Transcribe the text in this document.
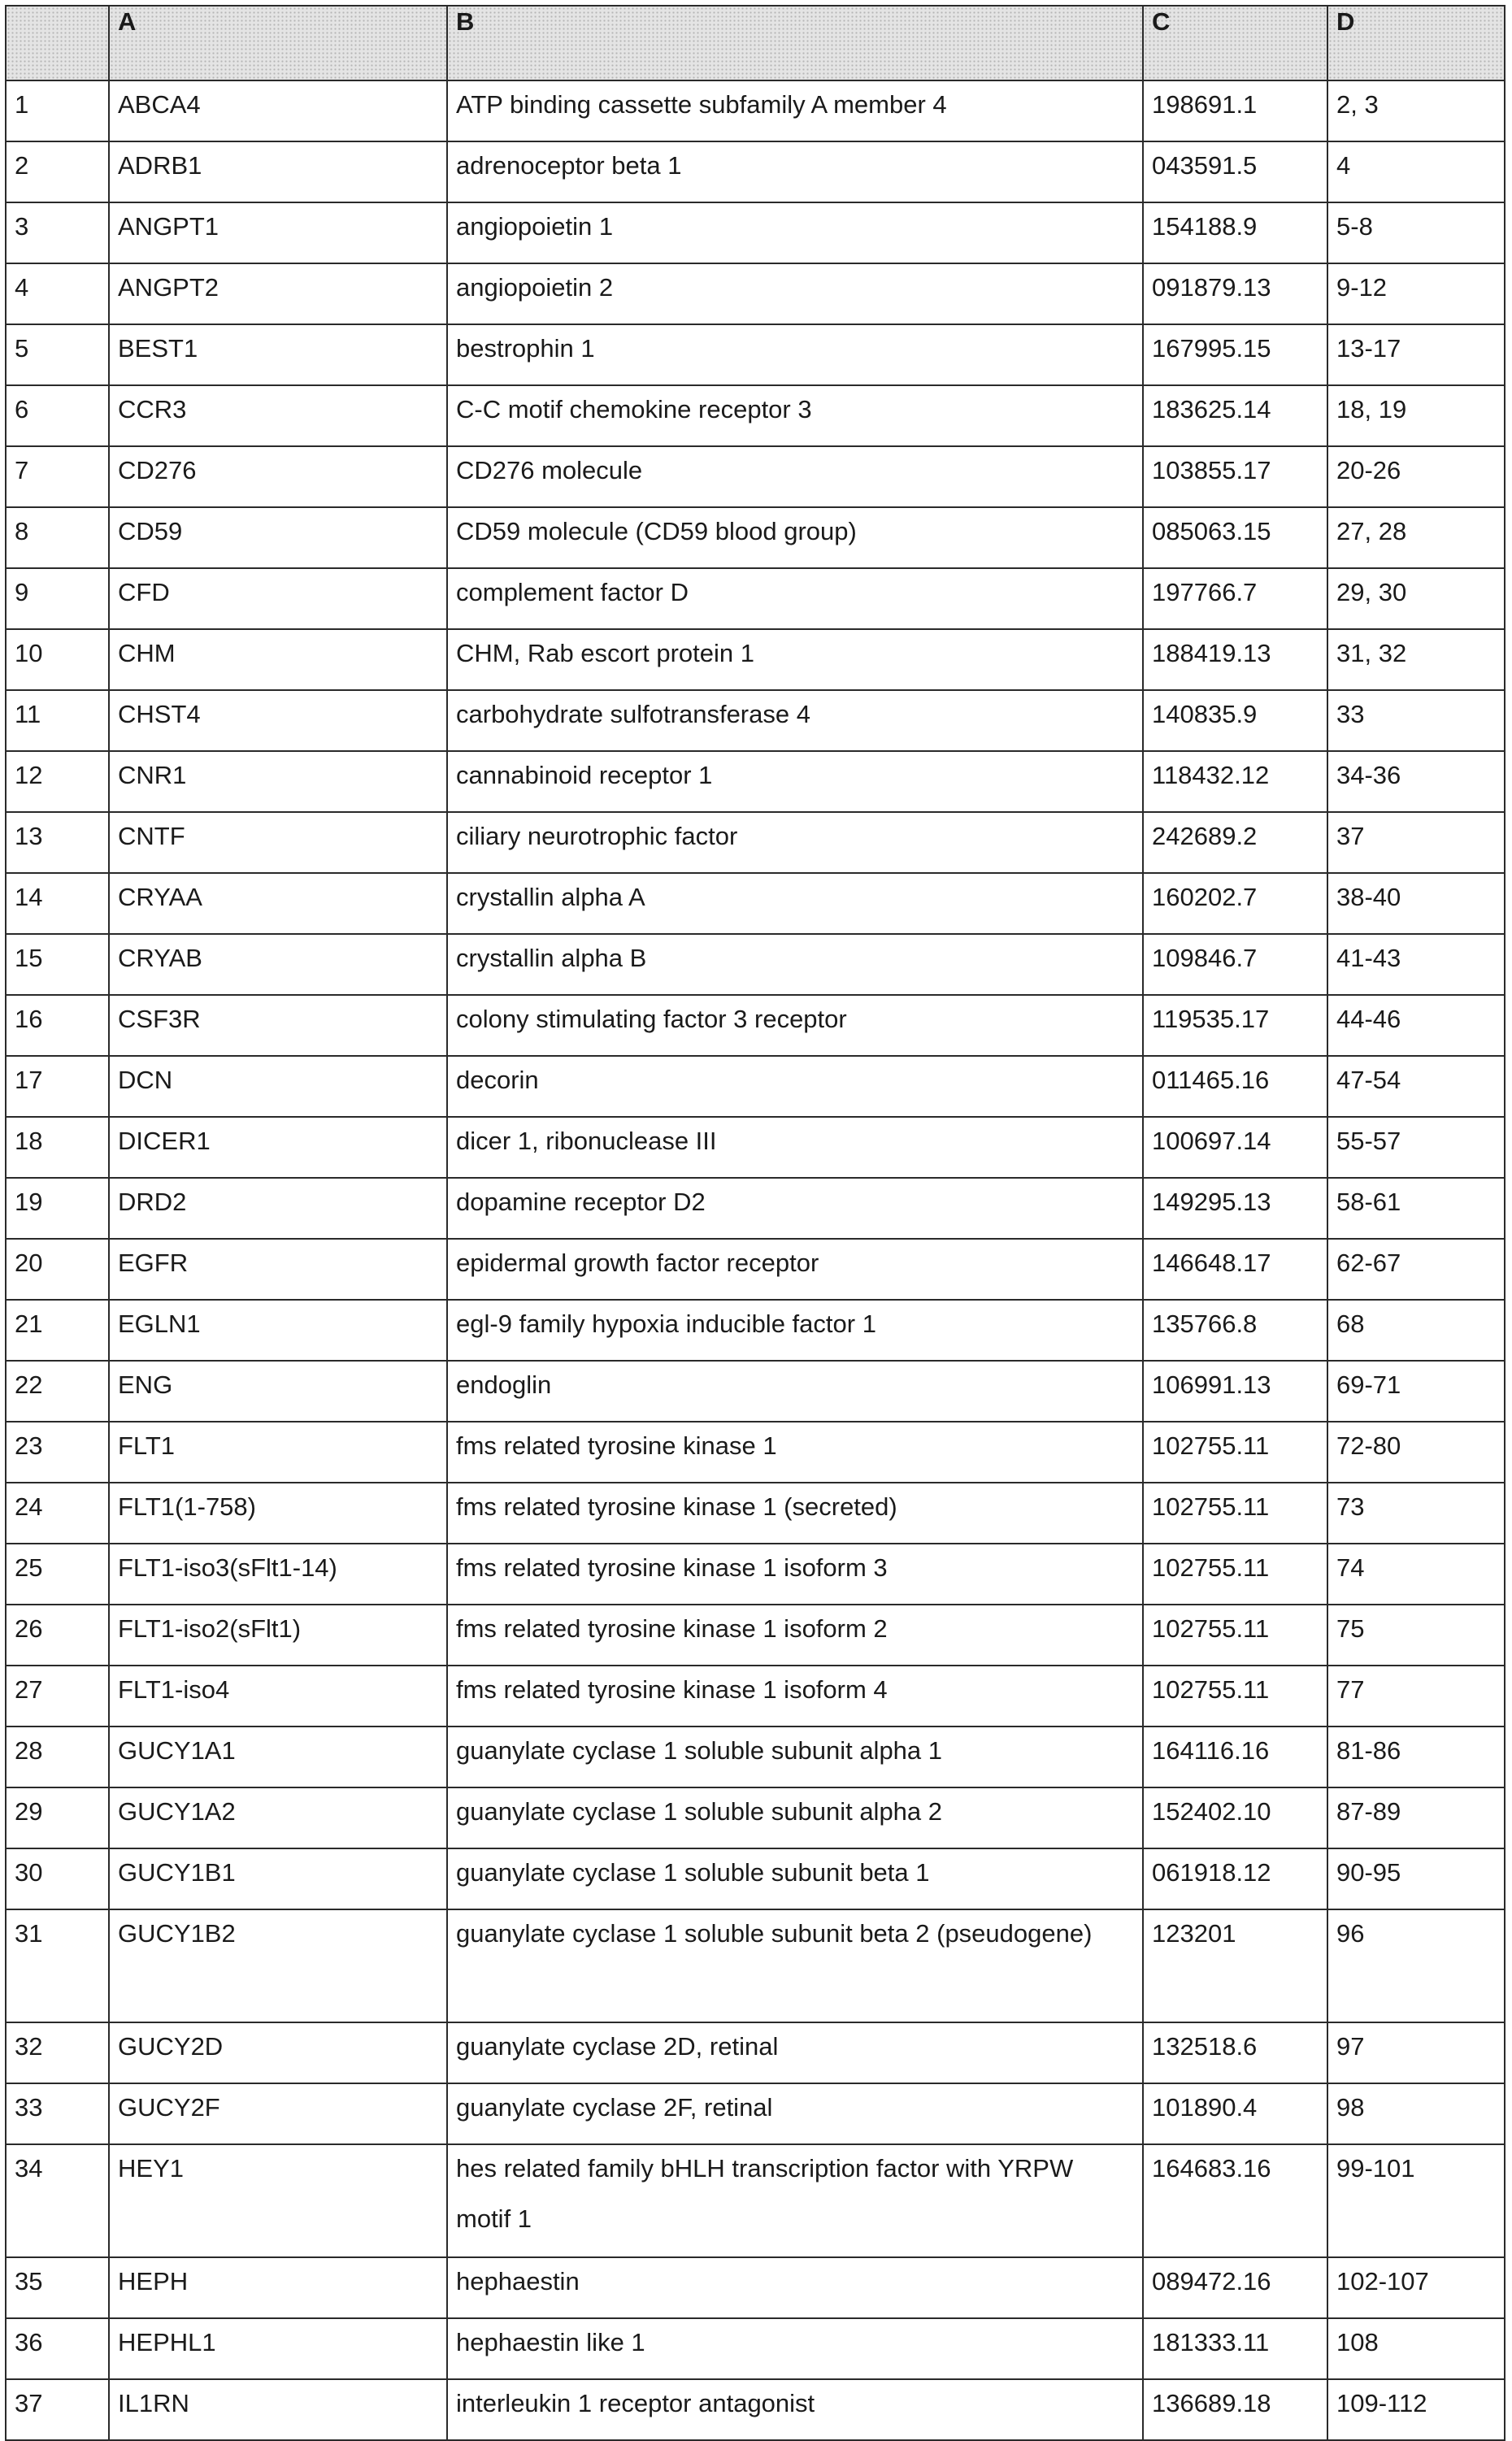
	A	B	C	D

1	ABCA4	ATP binding cassette subfamily A member 4	198691.1	2, 3

2	ADRB1	adrenoceptor beta 1	043591.5	4

3	ANGPT1	angiopoietin 1	154188.9	5-8

4	ANGPT2	angiopoietin 2	091879.13	9-12

5	BEST1	bestrophin 1	167995.15	13-17

6	CCR3	C-C motif chemokine receptor 3	183625.14	18, 19

7	CD276	CD276 molecule	103855.17	20-26

8	CD59	CD59 molecule (CD59 blood group)	085063.15	27, 28

9	CFD	complement factor D	197766.7	29, 30

10	CHM	CHM, Rab escort protein 1	188419.13	31, 32

11	CHST4	carbohydrate sulfotransferase 4	140835.9	33

12	CNR1	cannabinoid receptor 1	118432.12	34-36

13	CNTF	ciliary neurotrophic factor	242689.2	37

14	CRYAA	crystallin alpha A	160202.7	38-40

15	CRYAB	crystallin alpha B	109846.7	41-43

16	CSF3R	colony stimulating factor 3 receptor	119535.17	44-46

17	DCN	decorin	011465.16	47-54

18	DICER1	dicer 1, ribonuclease III	100697.14	55-57

19	DRD2	dopamine receptor D2	149295.13	58-61

20	EGFR	epidermal growth factor receptor	146648.17	62-67

21	EGLN1	egl-9 family hypoxia inducible factor 1	135766.8	68

22	ENG	endoglin	106991.13	69-71

23	FLT1	fms related tyrosine kinase 1	102755.11	72-80

24	FLT1(1-758)	fms related tyrosine kinase 1 (secreted)	102755.11	73

25	FLT1-iso3(sFlt1-14)	fms related tyrosine kinase 1 isoform 3	102755.11	74

26	FLT1-iso2(sFlt1)	fms related tyrosine kinase 1 isoform 2	102755.11	75

27	FLT1-iso4	fms related tyrosine kinase 1 isoform 4	102755.11	77

28	GUCY1A1	guanylate cyclase 1 soluble subunit alpha 1	164116.16	81-86

29	GUCY1A2	guanylate cyclase 1 soluble subunit alpha 2	152402.10	87-89

30	GUCY1B1	guanylate cyclase 1 soluble subunit beta 1	061918.12	90-95

31	GUCY1B2	guanylate cyclase 1 soluble subunit beta 2 (pseudogene)	123201	96

32	GUCY2D	guanylate cyclase 2D, retinal	132518.6	97

33	GUCY2F	guanylate cyclase 2F, retinal	101890.4	98

34	HEY1	hes related family bHLH transcription factor with YRPW motif 1	164683.16	99-101

35	HEPH	hephaestin	089472.16	102-107

36	HEPHL1	hephaestin like 1	181333.11	108

37	IL1RN	interleukin 1 receptor antagonist	136689.18	109-112
